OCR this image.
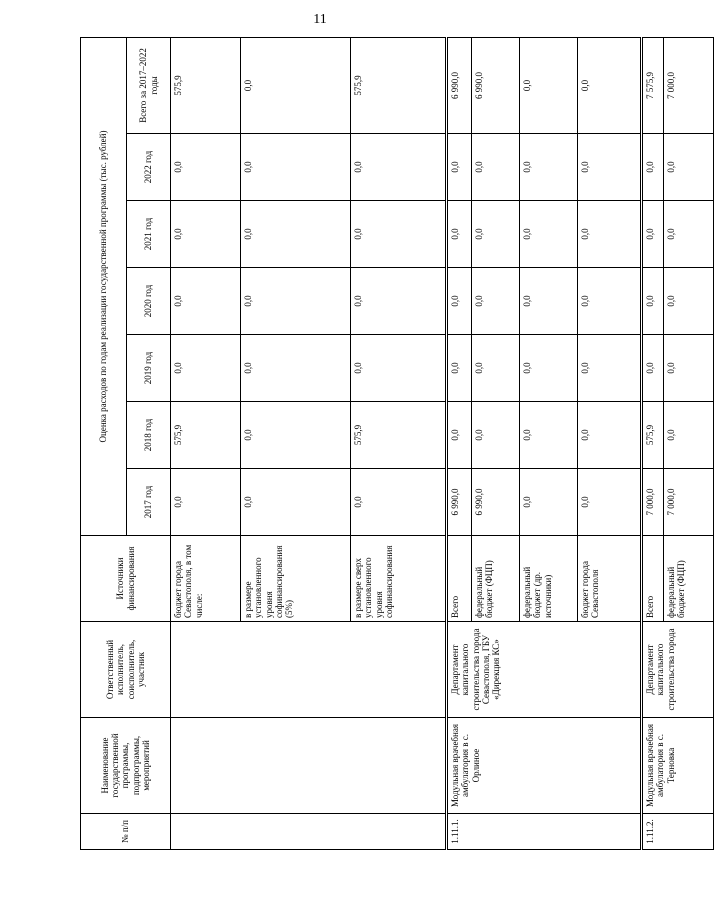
11
№ п/п	Наименование государственной программы, подпрограммы, мероприятий	Ответственный исполнитель, соисполнитель, участник	Источники финансирования	Оценка расходов по годам реализации государственной программы (тыс. рублей)						
				2017 год	2018 год	2019 год	2020 год	2021 год	2022 год	Всего за 2017–2022 годы
			бюджет города Севастополя, в том числе:	0,0	575,9	0,0	0,0	0,0	0,0	575,9
			в размере установленного уровня софинансирования (5%)	0,0	0,0	0,0	0,0	0,0	0,0	0,0
			в размере сверх установленного уровня софинансирования	0,0	575,9	0,0	0,0	0,0	0,0	575,9
1.11.1.	Модульная врачебная амбулатория в с. Орлиное	Департамент капитального строительства города Севастополя, ГБУ «Дирекция КС»	Всего	6 990,0	0,0	0,0	0,0	0,0	0,0	6 990,0
			федеральный бюджет (ФЦП)	6 990,0	0,0	0,0	0,0	0,0	0,0	6 990,0
			федеральный бюджет (др. источники)	0,0	0,0	0,0	0,0	0,0	0,0	0,0
			бюджет города Севастополя	0,0	0,0	0,0	0,0	0,0	0,0	0,0
1.11.2.	Модульная врачебная амбулатория в с. Терновка	Департамент капитального строительства города	Всего	7 000,0	575,9	0,0	0,0	0,0	0,0	7 575,9
			федеральный бюджет (ФЦП)	7 000,0	0,0	0,0	0,0	0,0	0,0	7 000,0
